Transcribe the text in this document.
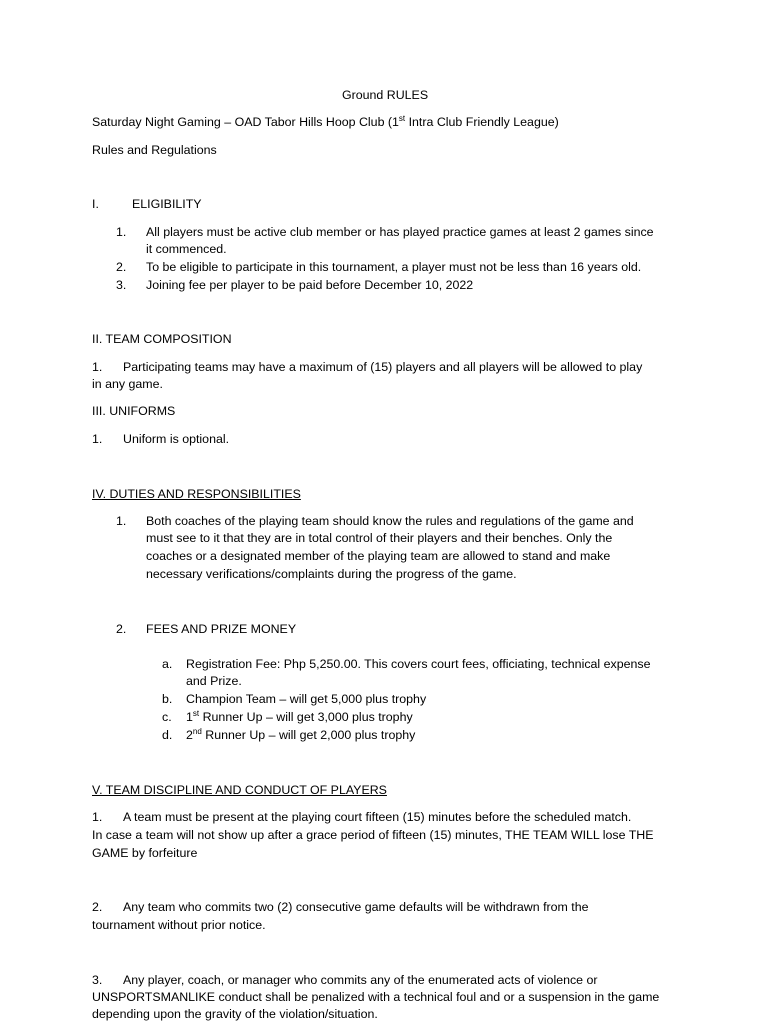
Ground RULES
Saturday Night Gaming – OAD Tabor Hills Hoop Club (1st Intra Club Friendly League)
Rules and Regulations
I.	ELIGIBILITY
1. All players must be active club member or has played practice games at least 2 games since
it commenced.
2. To be eligible to participate in this tournament, a player must not be less than 16 years old.
3. Joining fee per player to be paid before December 10, 2022
II. TEAM COMPOSITION
1. Participating teams may have a maximum of (15) players and all players will be allowed to play
in any game.
III. UNIFORMS
1. Uniform is optional.
IV. DUTIES AND RESPONSIBILITIES
1. Both coaches of the playing team should know the rules and regulations of the game and
must see to it that they are in total control of their players and their benches. Only the
coaches or a designated member of the playing team are allowed to stand and make
necessary verifications/complaints during the progress of the game.
2. FEES AND PRIZE MONEY
a. Registration Fee: Php 5,250.00. This covers court fees, officiating, technical expense
and Prize.
b. Champion Team – will get 5,000 plus trophy
c. 1st Runner Up – will get 3,000 plus trophy
d. 2nd Runner Up – will get 2,000 plus trophy
V. TEAM DISCIPLINE AND CONDUCT OF PLAYERS
1. A team must be present at the playing court fifteen (15) minutes before the scheduled match.
In case a team will not show up after a grace period of fifteen (15) minutes, THE TEAM WILL lose THE
GAME by forfeiture
2. Any team who commits two (2) consecutive game defaults will be withdrawn from the
tournament without prior notice.
3. Any player, coach, or manager who commits any of the enumerated acts of violence or
UNSPORTSMANLIKE conduct shall be penalized with a technical foul and or a suspension in the game
depending upon the gravity of the violation/situation.
